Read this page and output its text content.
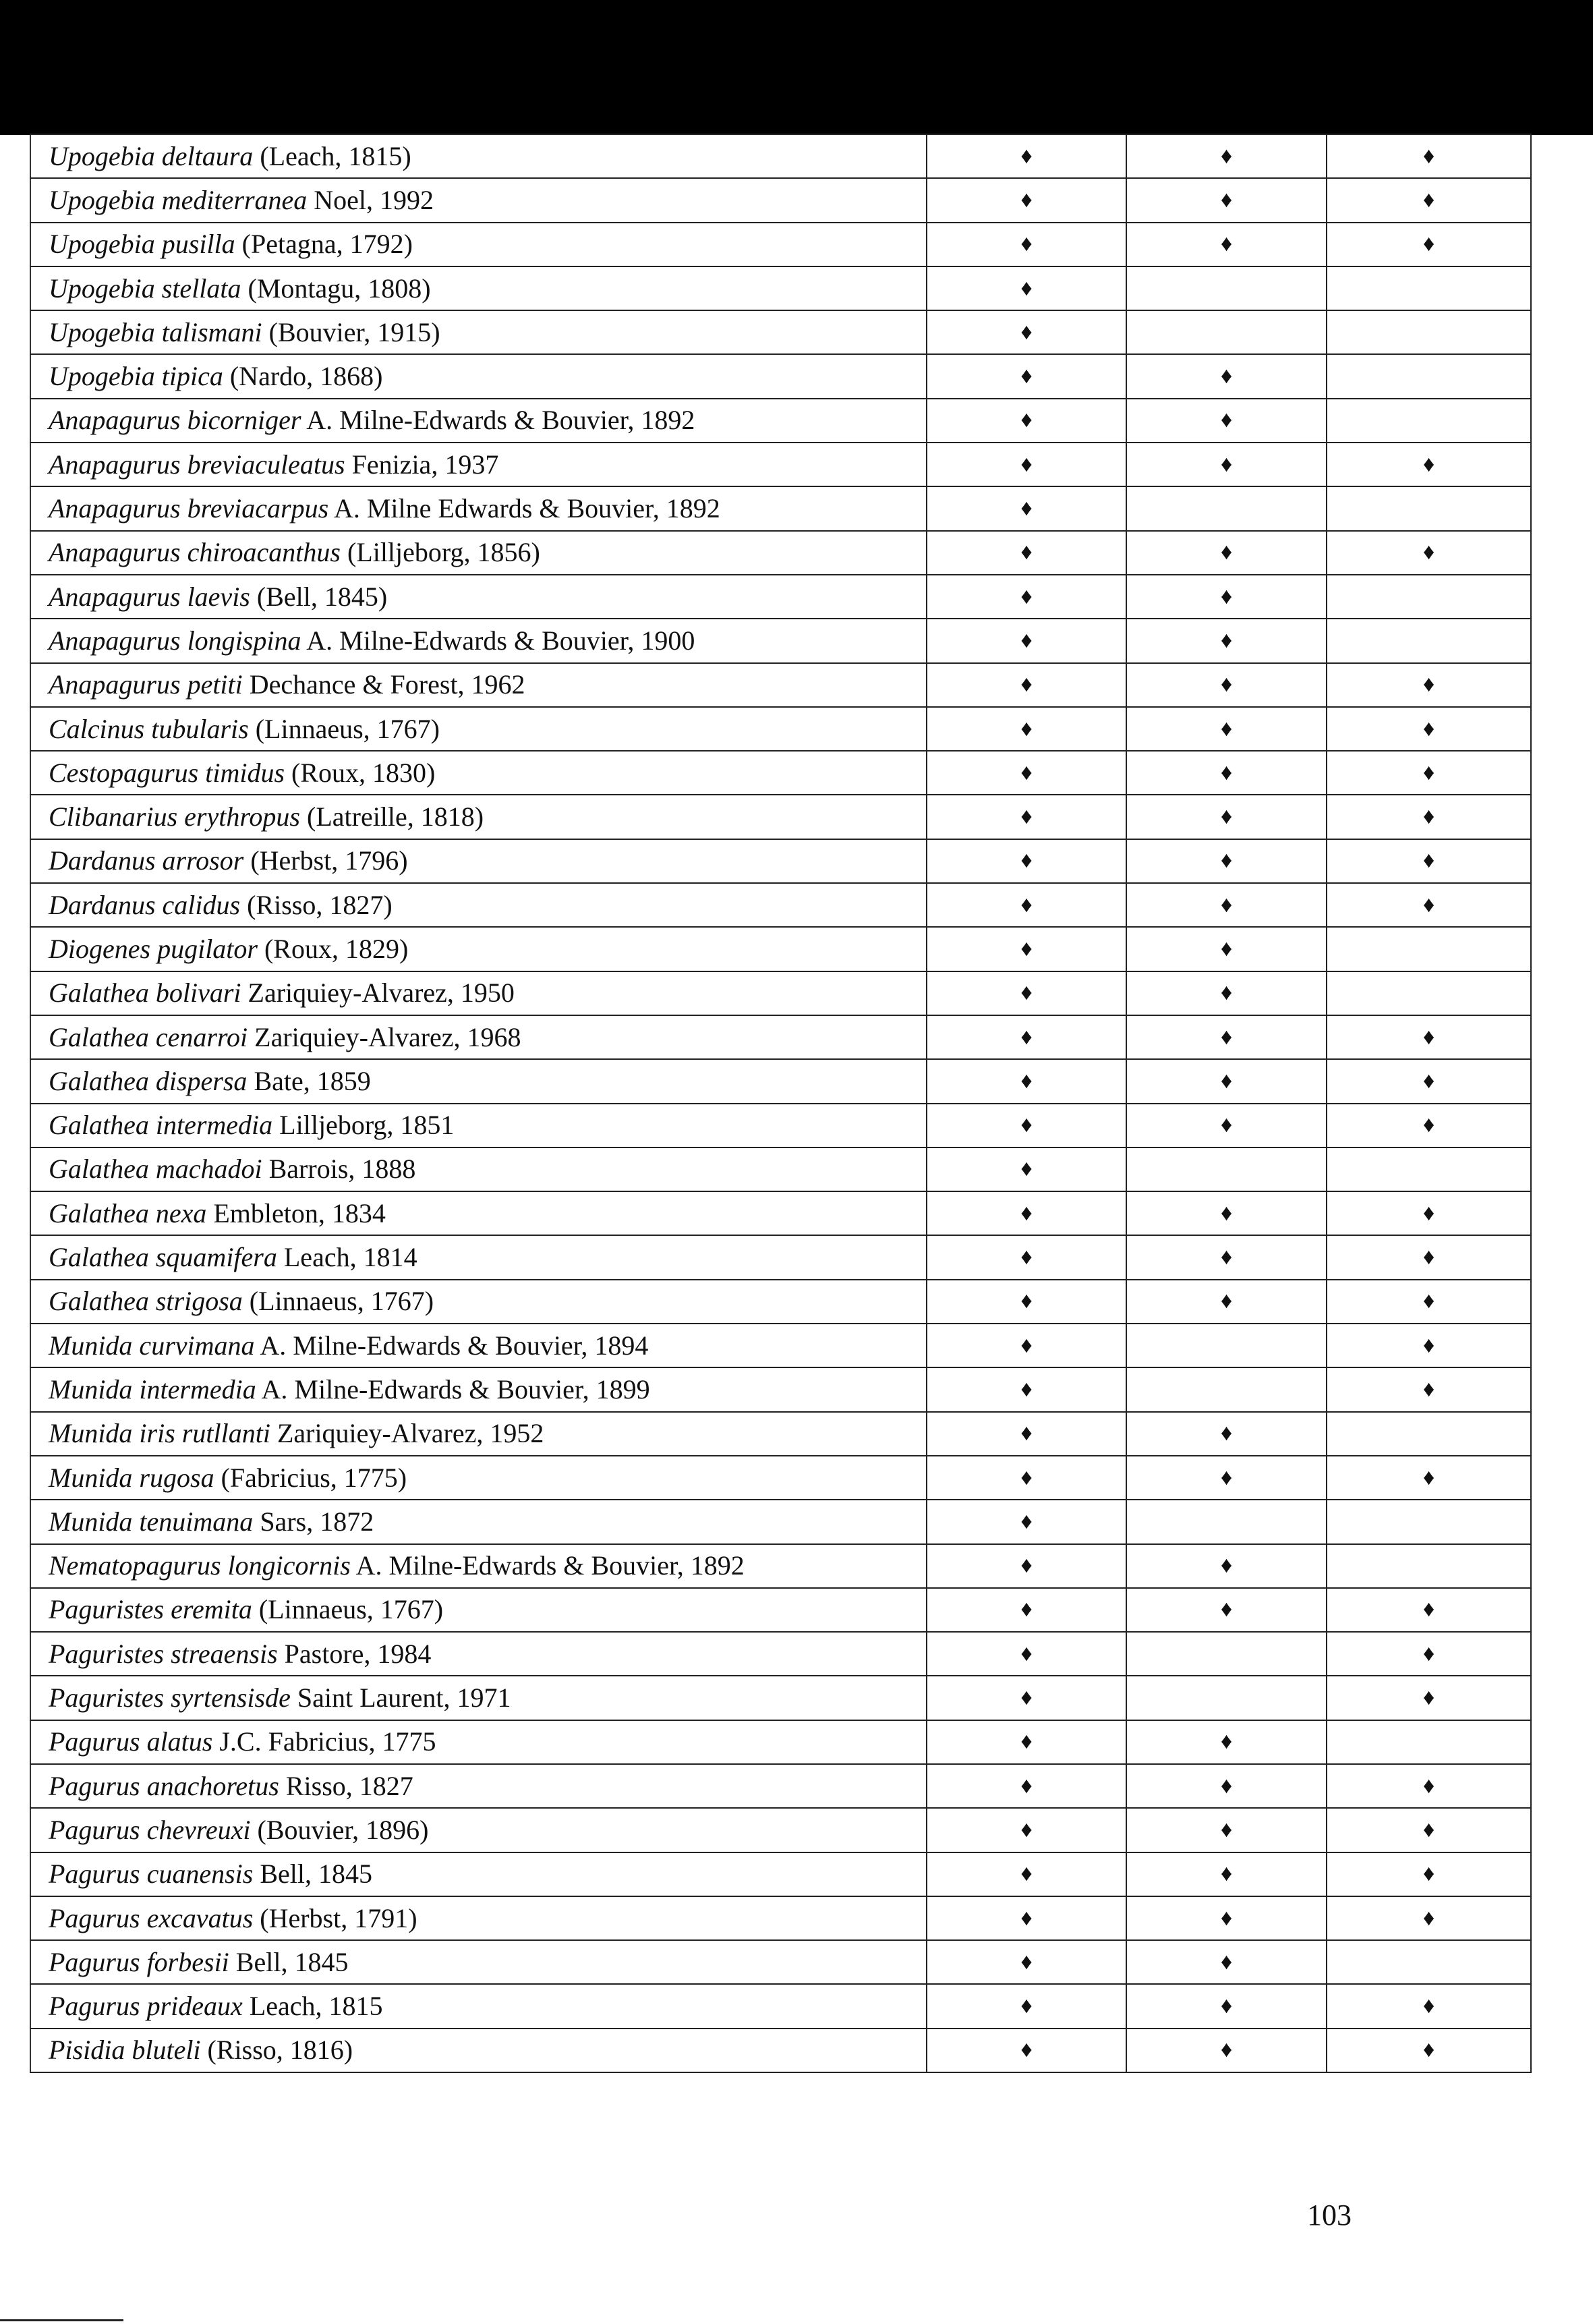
Upogebia deltaura (Leach, 1815)	♦	♦	♦
Upogebia mediterranea Noel, 1992	♦	♦	♦
Upogebia pusilla (Petagna, 1792)	♦	♦	♦
Upogebia stellata (Montagu, 1808)	♦		
Upogebia talismani (Bouvier, 1915)	♦		
Upogebia tipica (Nardo, 1868)	♦	♦	
Anapagurus bicorniger A. Milne-Edwards & Bouvier, 1892	♦	♦	
Anapagurus breviaculeatus Fenizia, 1937	♦	♦	♦
Anapagurus breviacarpus A. Milne Edwards & Bouvier, 1892	♦		
Anapagurus chiroacanthus (Lilljeborg, 1856)	♦	♦	♦
Anapagurus laevis (Bell, 1845)	♦	♦	
Anapagurus longispina A. Milne-Edwards & Bouvier, 1900	♦	♦	
Anapagurus petiti Dechance & Forest, 1962	♦	♦	♦
Calcinus tubularis (Linnaeus, 1767)	♦	♦	♦
Cestopagurus timidus (Roux, 1830)	♦	♦	♦
Clibanarius erythropus (Latreille, 1818)	♦	♦	♦
Dardanus arrosor (Herbst, 1796)	♦	♦	♦
Dardanus calidus (Risso, 1827)	♦	♦	♦
Diogenes pugilator (Roux, 1829)	♦	♦	
Galathea bolivari Zariquiey-Alvarez, 1950	♦	♦	
Galathea cenarroi Zariquiey-Alvarez, 1968	♦	♦	♦
Galathea dispersa Bate, 1859	♦	♦	♦
Galathea intermedia Lilljeborg, 1851	♦	♦	♦
Galathea machadoi Barrois, 1888	♦		
Galathea nexa Embleton, 1834	♦	♦	♦
Galathea squamifera Leach, 1814	♦	♦	♦
Galathea strigosa (Linnaeus, 1767)	♦	♦	♦
Munida curvimana A. Milne-Edwards & Bouvier, 1894	♦		♦
Munida intermedia A. Milne-Edwards & Bouvier, 1899	♦		♦
Munida iris rutllanti Zariquiey-Alvarez, 1952	♦	♦	
Munida rugosa (Fabricius, 1775)	♦	♦	♦
Munida tenuimana Sars, 1872	♦		
Nematopagurus longicornis A. Milne-Edwards & Bouvier, 1892	♦	♦	
Paguristes eremita (Linnaeus, 1767)	♦	♦	♦
Paguristes streaensis Pastore, 1984	♦		♦
Paguristes syrtensisde Saint Laurent, 1971	♦		♦
Pagurus alatus J.C. Fabricius, 1775	♦	♦	
Pagurus anachoretus Risso, 1827	♦	♦	♦
Pagurus chevreuxi (Bouvier, 1896)	♦	♦	♦
Pagurus cuanensis Bell, 1845	♦	♦	♦
Pagurus excavatus (Herbst, 1791)	♦	♦	♦
Pagurus forbesii Bell, 1845	♦	♦	
Pagurus prideaux Leach, 1815	♦	♦	♦
Pisidia bluteli (Risso, 1816)	♦	♦	♦
103
